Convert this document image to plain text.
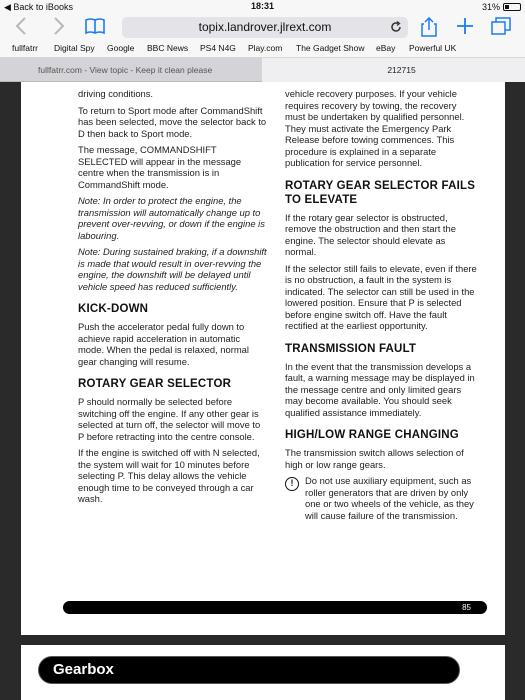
◀ Back to iBooks	18:31	31%
topix.landrover.jlrext.com
fullfatrr Digital Spy Google BBC News PS4 N4G Play.com The Gadget Show eBay Powerful UK
fullfatrr.com - View topic - Keep it clean please	212715

driving conditions.

To return to Sport mode after CommandShift has been selected, move the selector back to D then back to Sport mode.

The message, COMMANDSHIFT SELECTED will appear in the message centre when the transmission is in CommandShift mode.

Note: In order to protect the engine, the transmission will automatically change up to prevent over-revving, or down if the engine is labouring.

Note: During sustained braking, if a downshift is made that would result in over-revving the engine, the downshift will be delayed until vehicle speed has reduced sufficiently.

KICK-DOWN

Push the accelerator pedal fully down to achieve rapid acceleration in automatic mode. When the pedal is relaxed, normal gear changing will resume.

ROTARY GEAR SELECTOR

P should normally be selected before switching off the engine. If any other gear is selected at turn off, the selector will move to P before retracting into the centre console.

If the engine is switched off with N selected, the system will wait for 10 minutes before selecting P. This delay allows the vehicle enough time to be conveyed through a car wash.

vehicle recovery purposes. If your vehicle requires recovery by towing, the recovery must be undertaken by qualified personnel. They must activate the Emergency Park Release before towing commences. This procedure is explained in a separate publication for service personnel.

ROTARY GEAR SELECTOR FAILS TO ELEVATE

If the rotary gear selector is obstructed, remove the obstruction and then start the engine. The selector should elevate as normal.

If the selector still fails to elevate, even if there is no obstruction, a fault in the system is indicated. The selector can still be used in the lowered position. Ensure that P is selected before engine switch off. Have the fault rectified at the earliest opportunity.

TRANSMISSION FAULT

In the event that the transmission develops a fault, a warning message may be displayed in the message centre and only limited gears may become available. You should seek qualified assistance immediately.

HIGH/LOW RANGE CHANGING

The transmission switch allows selection of high or low range gears.

!	Do not use auxiliary equipment, such as roller generators that are driven by only one or two wheels of the vehicle, as they will cause failure of the transmission.

85
Gearbox
